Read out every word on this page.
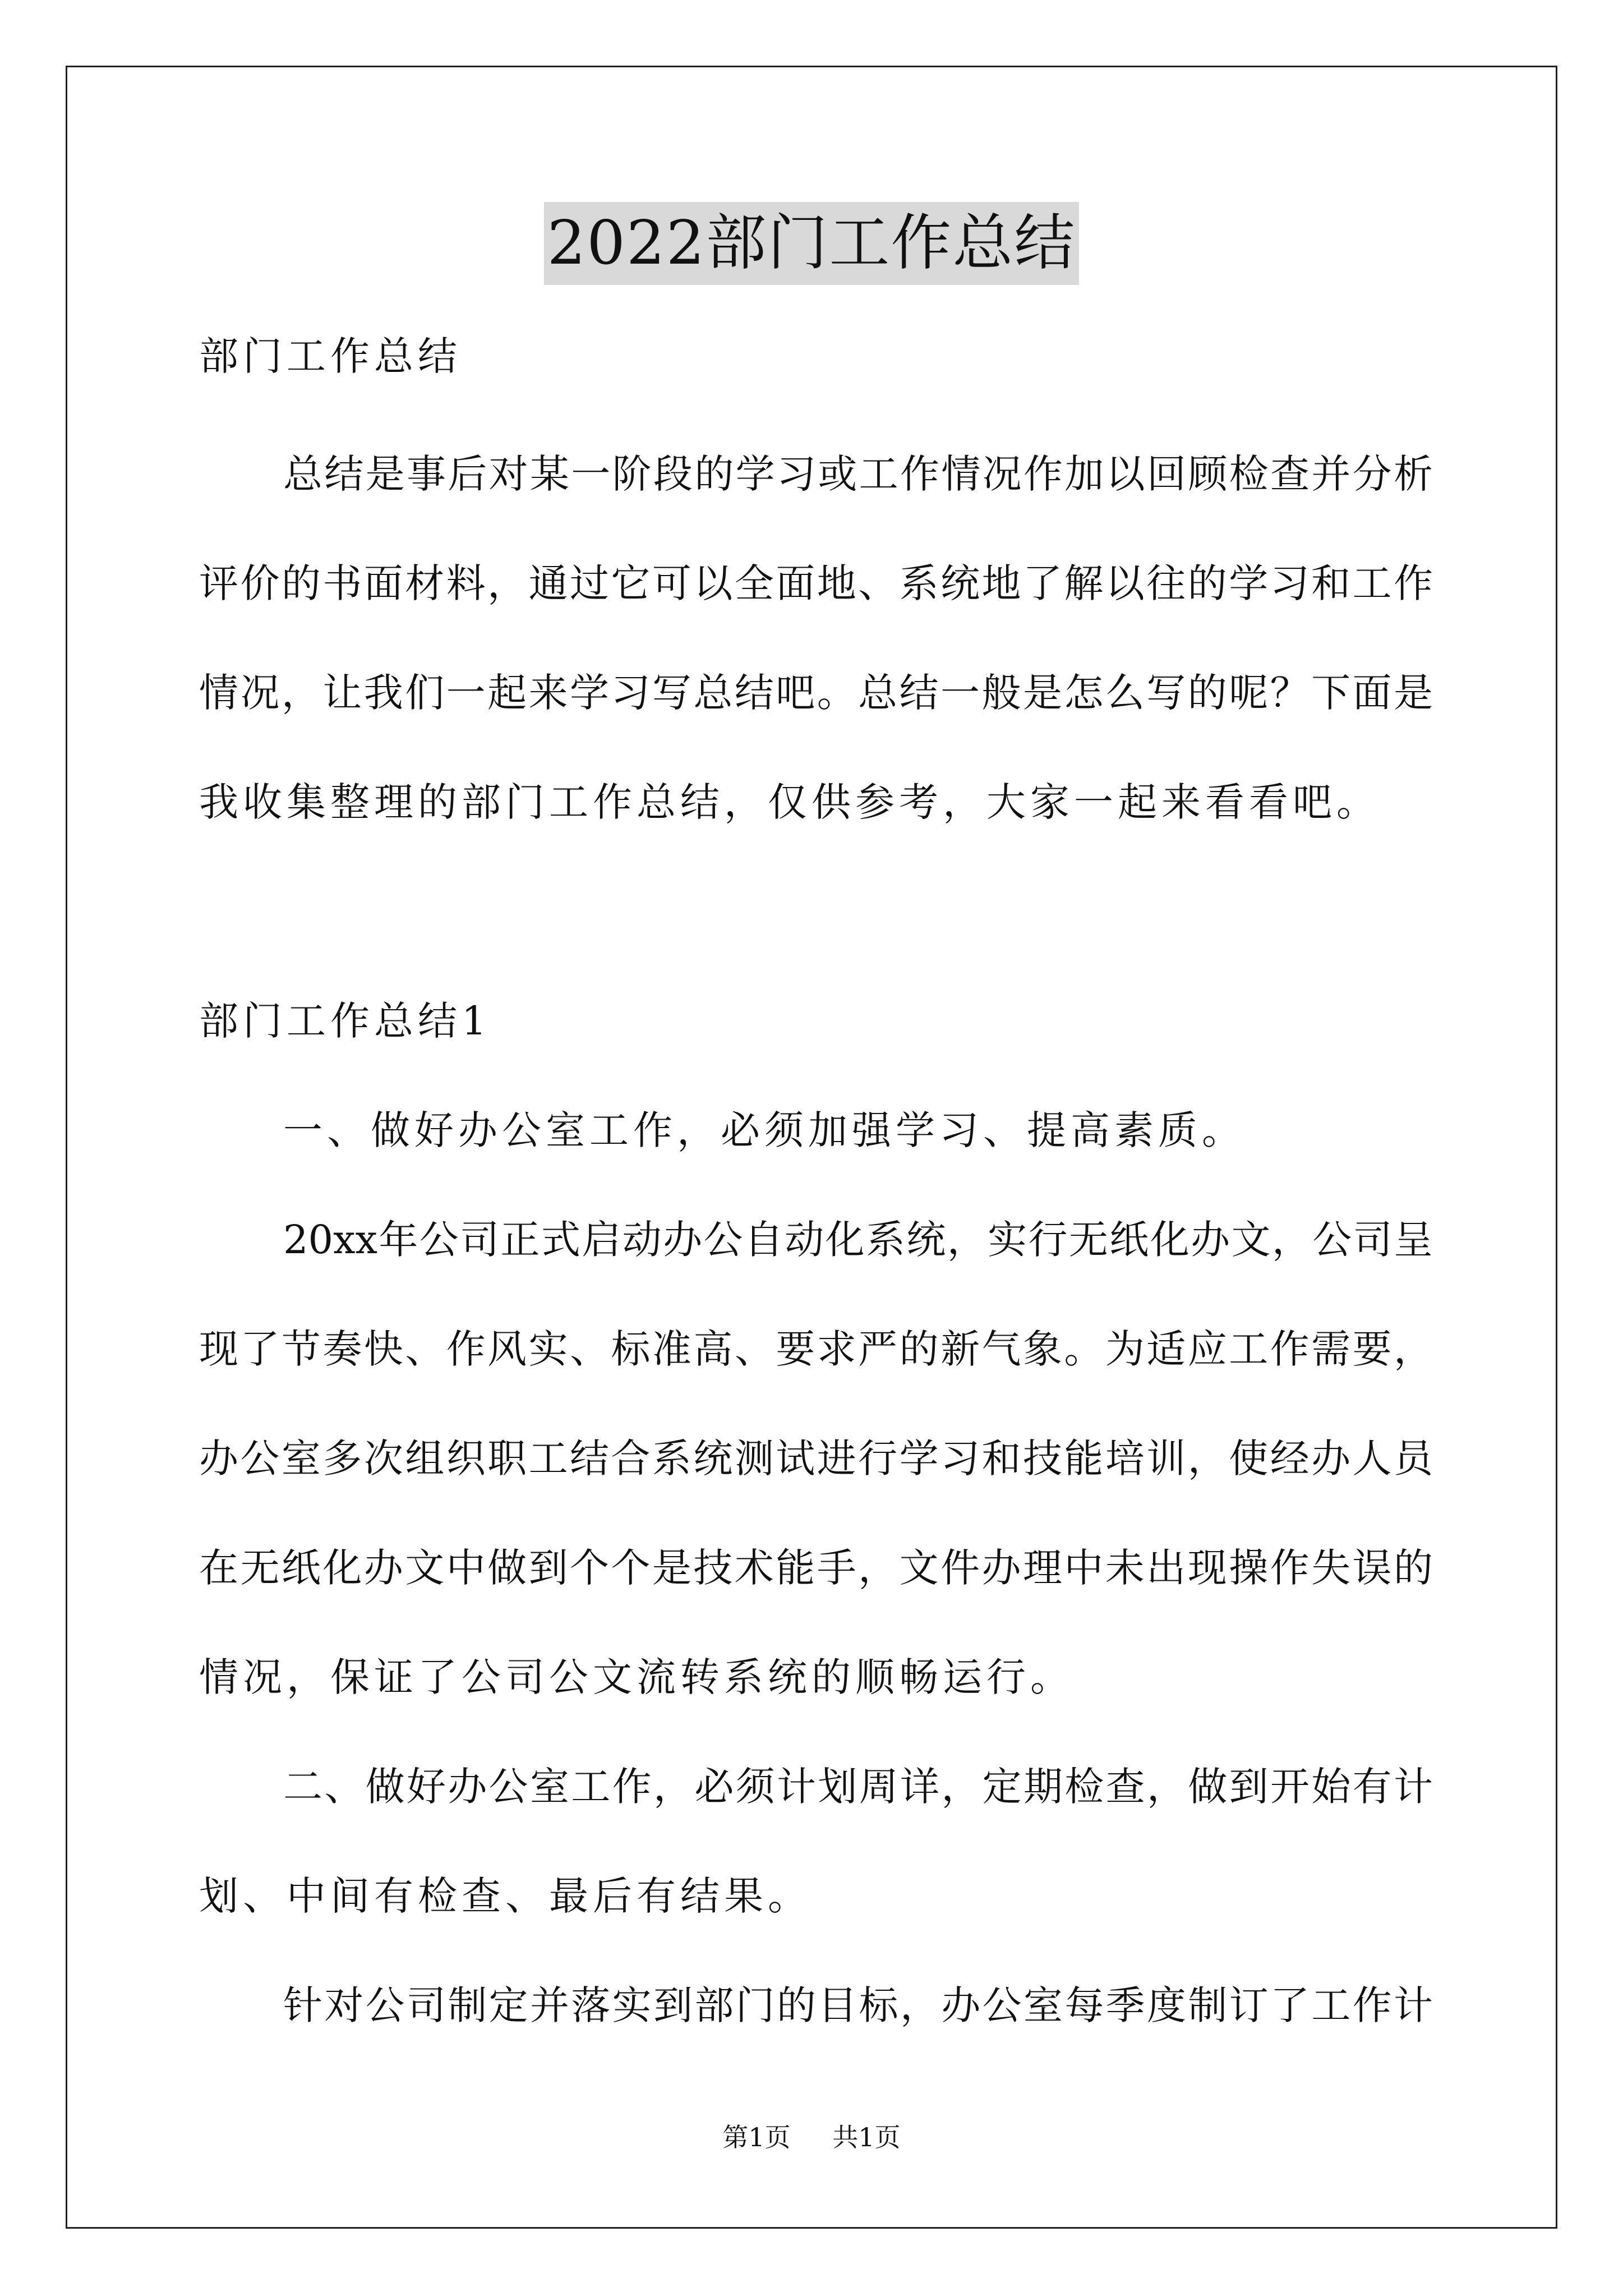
2022部门工作总结
部门工作总结
总结是事后对某一阶段的学习或工作情况作加以回顾检查并分析
评价的书面材料，通过它可以全面地、系统地了解以往的学习和工作
情况，让我们一起来学习写总结吧。总结一般是怎么写的呢？下面是
我收集整理的部门工作总结，仅供参考，大家一起来看看吧。
部门工作总结1
一、做好办公室工作，必须加强学习、提高素质。
20xx年公司正式启动办公自动化系统，实行无纸化办文，公司呈
现了节奏快、作风实、标准高、要求严的新气象。为适应工作需要，
办公室多次组织职工结合系统测试进行学习和技能培训，使经办人员
在无纸化办文中做到个个是技术能手，文件办理中未出现操作失误的
情况，保证了公司公文流转系统的顺畅运行。
二、做好办公室工作，必须计划周详，定期检查，做到开始有计
划、中间有检查、最后有结果。
针对公司制定并落实到部门的目标，办公室每季度制订了工作计
第1页 共1页
